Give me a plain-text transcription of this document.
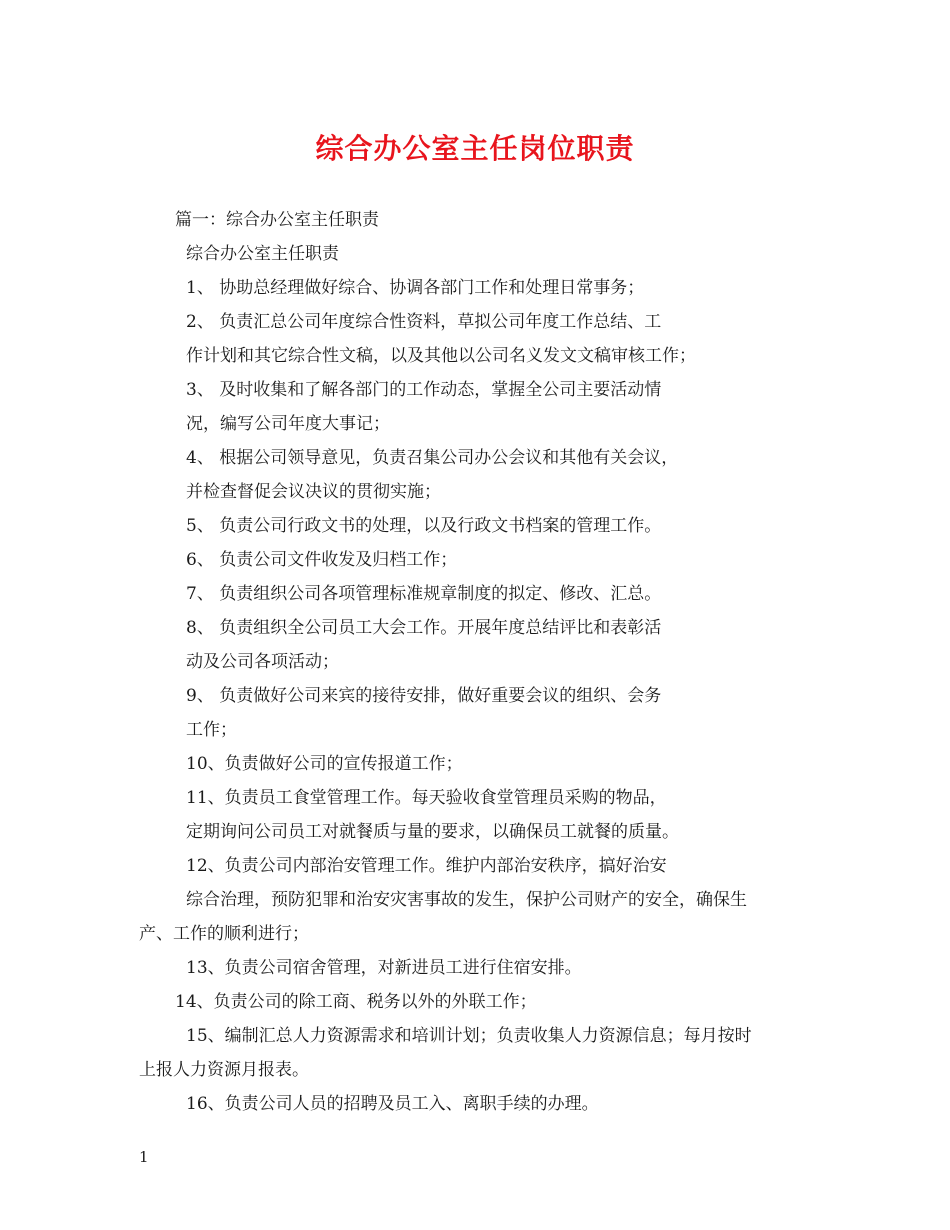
综合办公室主任岗位职责
篇一：综合办公室主任职责
综合办公室主任职责
1、 协助总经理做好综合、协调各部门工作和处理日常事务；
2、 负责汇总公司年度综合性资料，草拟公司年度工作总结、工
作计划和其它综合性文稿，以及其他以公司名义发文文稿审核工作；
3、 及时收集和了解各部门的工作动态，掌握全公司主要活动情
况，编写公司年度大事记；
4、 根据公司领导意见，负责召集公司办公会议和其他有关会议，
并检查督促会议决议的贯彻实施；
5、 负责公司行政文书的处理，以及行政文书档案的管理工作。
6、 负责公司文件收发及归档工作；
7、 负责组织公司各项管理标准规章制度的拟定、修改、汇总。
8、 负责组织全公司员工大会工作。开展年度总结评比和表彰活
动及公司各项活动；
9、 负责做好公司来宾的接待安排，做好重要会议的组织、会务
工作；
10、负责做好公司的宣传报道工作；
11、负责员工食堂管理工作。每天验收食堂管理员采购的物品，
定期询问公司员工对就餐质与量的要求，以确保员工就餐的质量。
12、负责公司内部治安管理工作。维护内部治安秩序，搞好治安
综合治理，预防犯罪和治安灾害事故的发生，保护公司财产的安全，确保生
产、工作的顺利进行；
13、负责公司宿舍管理，对新进员工进行住宿安排。
14、负责公司的除工商、税务以外的外联工作；
15、编制汇总人力资源需求和培训计划；负责收集人力资源信息；每月按时
上报人力资源月报表。
16、负责公司人员的招聘及员工入、离职手续的办理。
1
